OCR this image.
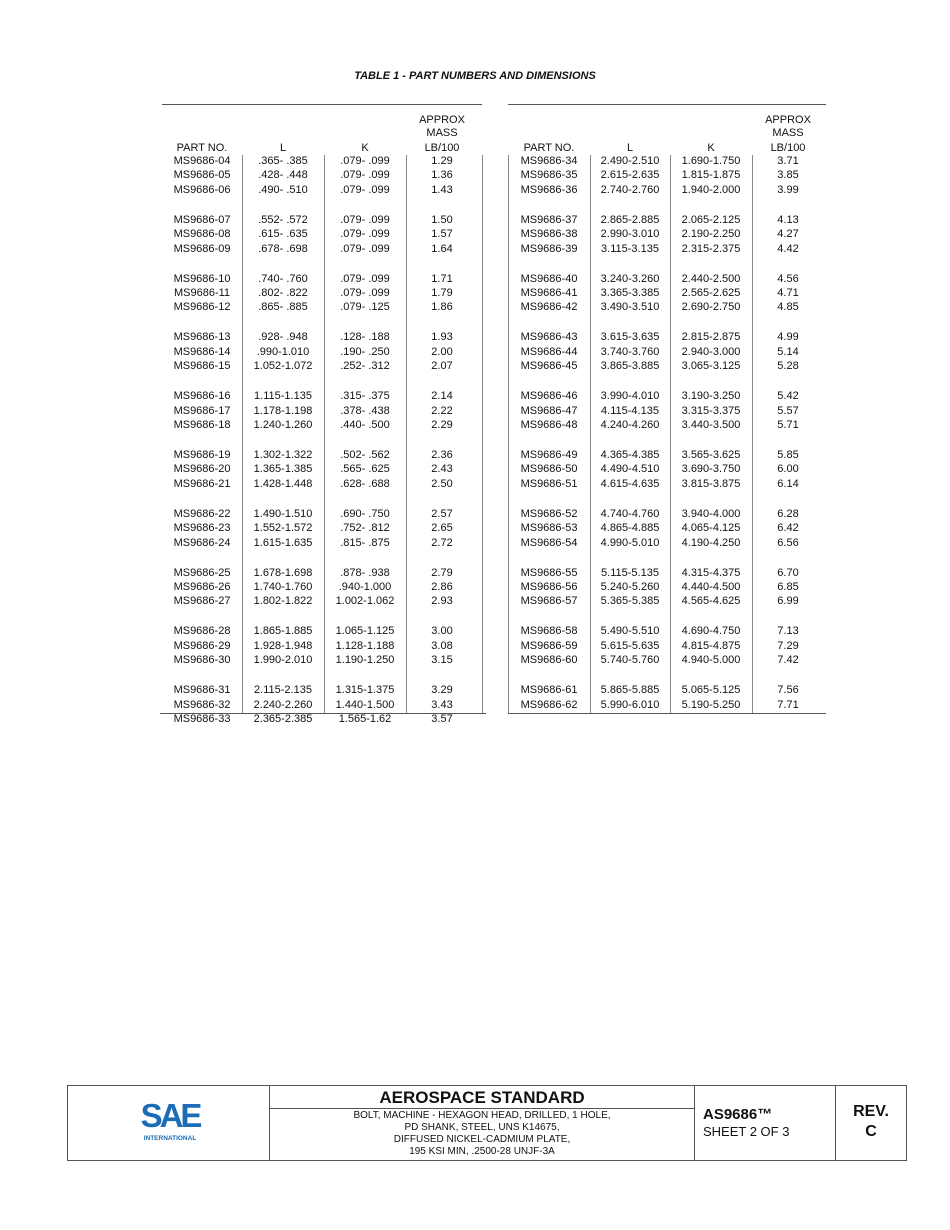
TABLE 1 - PART NUMBERS AND DIMENSIONS
PART NO.	L	K
APPROX
MASS
LB/100
MS9686-04	.365- .385	.079- .099	1.29
MS9686-05	.428- .448	.079- .099	1.36
MS9686-06	.490- .510	.079- .099	1.43
MS9686-07	.552- .572	.079- .099	1.50
MS9686-08	.615- .635	.079- .099	1.57
MS9686-09	.678- .698	.079- .099	1.64
MS9686-10	.740- .760	.079- .099	1.71
MS9686-11	.802- .822	.079- .099	1.79
MS9686-12	.865- .885	.079- .125	1.86
MS9686-13	.928- .948	.128- .188	1.93
MS9686-14	.990-1.010	.190- .250	2.00
MS9686-15	1.052-1.072	.252- .312	2.07
MS9686-16	1.115-1.135	.315- .375	2.14
MS9686-17	1.178-1.198	.378- .438	2.22
MS9686-18	1.240-1.260	.440- .500	2.29
MS9686-19	1.302-1.322	.502- .562	2.36
MS9686-20	1.365-1.385	.565- .625	2.43
MS9686-21	1.428-1.448	.628- .688	2.50
MS9686-22	1.490-1.510	.690- .750	2.57
MS9686-23	1.552-1.572	.752- .812	2.65
MS9686-24	1.615-1.635	.815- .875	2.72
MS9686-25	1.678-1.698	.878- .938	2.79
MS9686-26	1.740-1.760	.940-1.000	2.86
MS9686-27	1.802-1.822	1.002-1.062	2.93
MS9686-28	1.865-1.885	1.065-1.125	3.00
MS9686-29	1.928-1.948	1.128-1.188	3.08
MS9686-30	1.990-2.010	1.190-1.250	3.15
MS9686-31	2.115-2.135	1.315-1.375	3.29
MS9686-32	2.240-2.260	1.440-1.500	3.43
MS9686-33	2.365-2.385	1.565-1.62	3.57
PART NO.	L	K
APPROX
MASS
LB/100
MS9686-34	2.490-2.510	1.690-1.750	3.71
MS9686-35	2.615-2.635	1.815-1.875	3.85
MS9686-36	2.740-2.760	1.940-2.000	3.99
MS9686-37	2.865-2.885	2.065-2.125	4.13
MS9686-38	2.990-3.010	2.190-2.250	4.27
MS9686-39	3.115-3.135	2.315-2.375	4.42
MS9686-40	3.240-3.260	2.440-2.500	4.56
MS9686-41	3.365-3.385	2.565-2.625	4.71
MS9686-42	3.490-3.510	2.690-2.750	4.85
MS9686-43	3.615-3.635	2.815-2.875	4.99
MS9686-44	3.740-3.760	2.940-3.000	5.14
MS9686-45	3.865-3.885	3.065-3.125	5.28
MS9686-46	3.990-4.010	3.190-3.250	5.42
MS9686-47	4.115-4.135	3.315-3.375	5.57
MS9686-48	4.240-4.260	3.440-3.500	5.71
MS9686-49	4.365-4.385	3.565-3.625	5.85
MS9686-50	4.490-4.510	3.690-3.750	6.00
MS9686-51	4.615-4.635	3.815-3.875	6.14
MS9686-52	4.740-4.760	3.940-4.000	6.28
MS9686-53	4.865-4.885	4.065-4.125	6.42
MS9686-54	4.990-5.010	4.190-4.250	6.56
MS9686-55	5.115-5.135	4.315-4.375	6.70
MS9686-56	5.240-5.260	4.440-4.500	6.85
MS9686-57	5.365-5.385	4.565-4.625	6.99
MS9686-58	5.490-5.510	4.690-4.750	7.13
MS9686-59	5.615-5.635	4.815-4.875	7.29
MS9686-60	5.740-5.760	4.940-5.000	7.42
MS9686-61	5.865-5.885	5.065-5.125	7.56
MS9686-62	5.990-6.010	5.190-5.250	7.71
SAE
INTERNATIONAL
AEROSPACE STANDARD
BOLT, MACHINE - HEXAGON HEAD, DRILLED, 1 HOLE,
PD SHANK, STEEL, UNS K14675,
DIFFUSED NICKEL-CADMIUM PLATE,
195 KSI MIN, .2500-28 UNJF-3A
AS9686™
SHEET 2 OF 3
REV.
C
